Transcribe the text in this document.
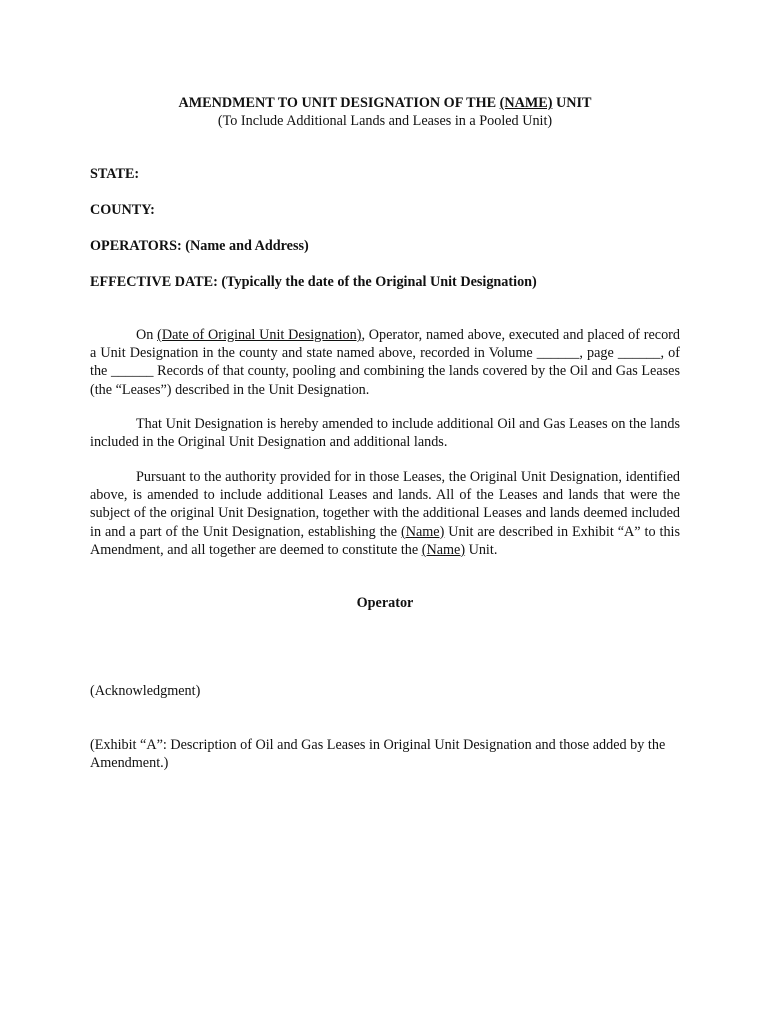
AMENDMENT TO UNIT DESIGNATION OF THE (NAME) UNIT
(To Include Additional Lands and Leases in a Pooled Unit)
STATE:
COUNTY:
OPERATORS: (Name and Address)
EFFECTIVE DATE: (Typically the date of the Original Unit Designation)

On (Date of Original Unit Designation), Operator, named above, executed and placed of record a Unit Designation in the county and state named above, recorded in Volume ______, page ______, of the ______ Records of that county, pooling and combining the lands covered by the Oil and Gas Leases (the “Leases”) described in the Unit Designation.

That Unit Designation is hereby amended to include additional Oil and Gas Leases on the lands included in the Original Unit Designation and additional lands.

Pursuant to the authority provided for in those Leases, the Original Unit Designation, identified above, is amended to include additional Leases and lands. All of the Leases and lands that were the subject of the original Unit Designation, together with the additional Leases and lands deemed included in and a part of the Unit Designation, establishing the (Name) Unit are described in Exhibit “A” to this Amendment, and all together are deemed to constitute the (Name) Unit.

Operator
(Acknowledgment)

(Exhibit “A”: Description of Oil and Gas Leases in Original Unit Designation and those added by the Amendment.)
